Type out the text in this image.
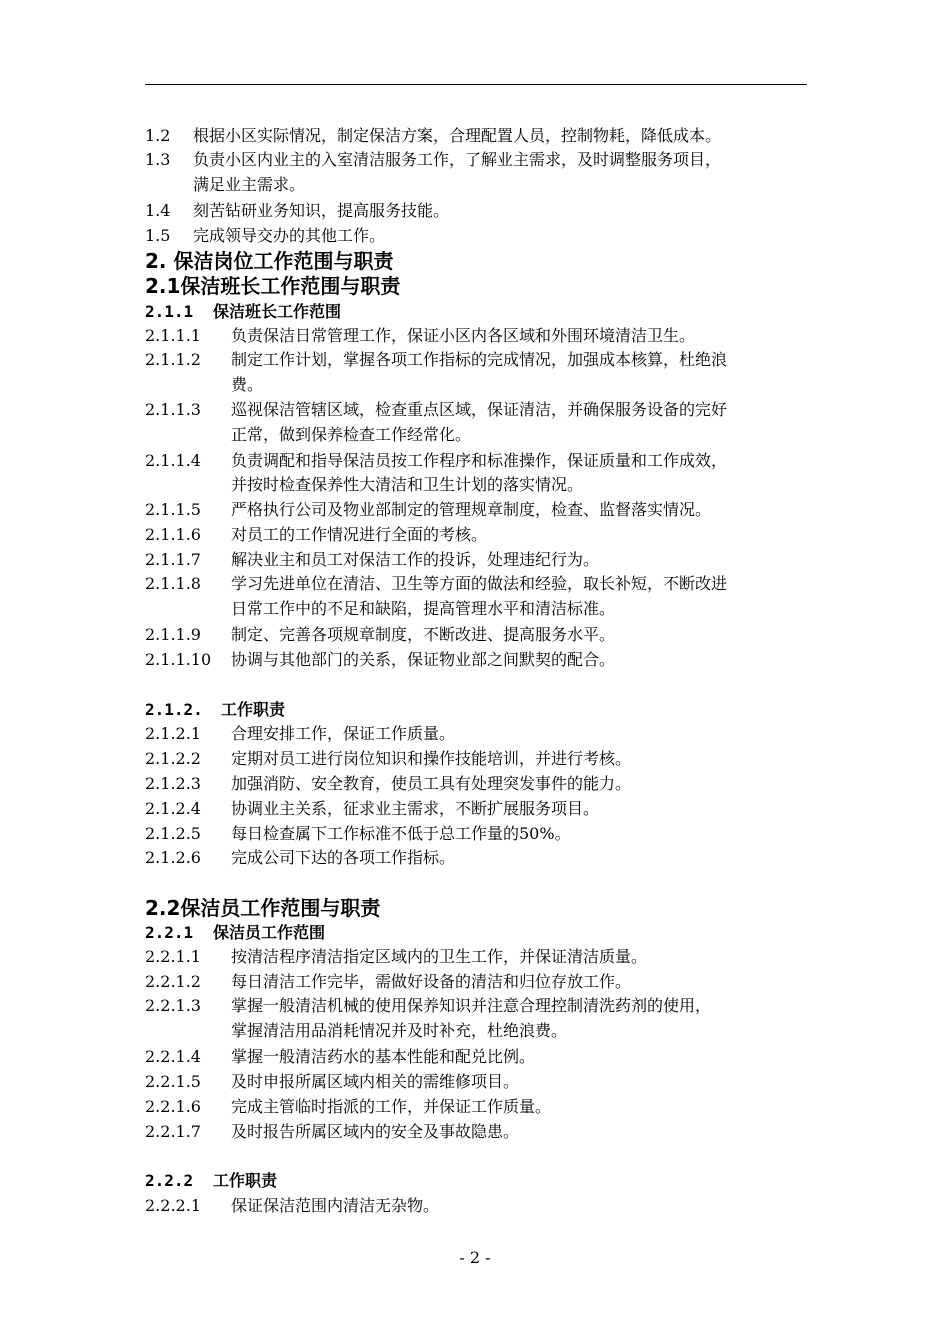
1.2 根据小区实际情况，制定保洁方案，合理配置人员，控制物耗，降低成本。
1.3 负责小区内业主的入室清洁服务工作，了解业主需求，及时调整服务项目，
满足业主需求。
1.4 刻苦钻研业务知识，提高服务技能。
1.5 完成领导交办的其他工作。
2. 保洁岗位工作范围与职责
2.1保洁班长工作范围与职责
2.1.1 保洁班长工作范围
2.1.1.1 负责保洁日常管理工作，保证小区内各区域和外围环境清洁卫生。
2.1.1.2 制定工作计划，掌握各项工作指标的完成情况，加强成本核算，杜绝浪
费。
2.1.1.3 巡视保洁管辖区域，检查重点区域，保证清洁，并确保服务设备的完好
正常，做到保养检查工作经常化。
2.1.1.4 负责调配和指导保洁员按工作程序和标准操作，保证质量和工作成效，
并按时检查保养性大清洁和卫生计划的落实情况。
2.1.1.5 严格执行公司及物业部制定的管理规章制度，检查、监督落实情况。
2.1.1.6 对员工的工作情况进行全面的考核。
2.1.1.7 解决业主和员工对保洁工作的投诉，处理违纪行为。
2.1.1.8 学习先进单位在清洁、卫生等方面的做法和经验，取长补短，不断改进
日常工作中的不足和缺陷，提高管理水平和清洁标准。
2.1.1.9 制定、完善各项规章制度，不断改进、提高服务水平。
2.1.1.10 协调与其他部门的关系，保证物业部之间默契的配合。
2.1.2. 工作职责
2.1.2.1 合理安排工作，保证工作质量。
2.1.2.2 定期对员工进行岗位知识和操作技能培训，并进行考核。
2.1.2.3 加强消防、安全教育，使员工具有处理突发事件的能力。
2.1.2.4 协调业主关系，征求业主需求，不断扩展服务项目。
2.1.2.5 每日检查属下工作标准不低于总工作量的50%。
2.1.2.6 完成公司下达的各项工作指标。
2.2保洁员工作范围与职责
2.2.1 保洁员工作范围
2.2.1.1 按清洁程序清洁指定区域内的卫生工作，并保证清洁质量。
2.2.1.2 每日清洁工作完毕，需做好设备的清洁和归位存放工作。
2.2.1.3 掌握一般清洁机械的使用保养知识并注意合理控制清洗药剂的使用，
掌握清洁用品消耗情况并及时补充，杜绝浪费。
2.2.1.4 掌握一般清洁药水的基本性能和配兑比例。
2.2.1.5 及时申报所属区域内相关的需维修项目。
2.2.1.6 完成主管临时指派的工作，并保证工作质量。
2.2.1.7 及时报告所属区域内的安全及事故隐患。
2.2.2 工作职责
2.2.2.1 保证保洁范围内清洁无杂物。
- 2 -
